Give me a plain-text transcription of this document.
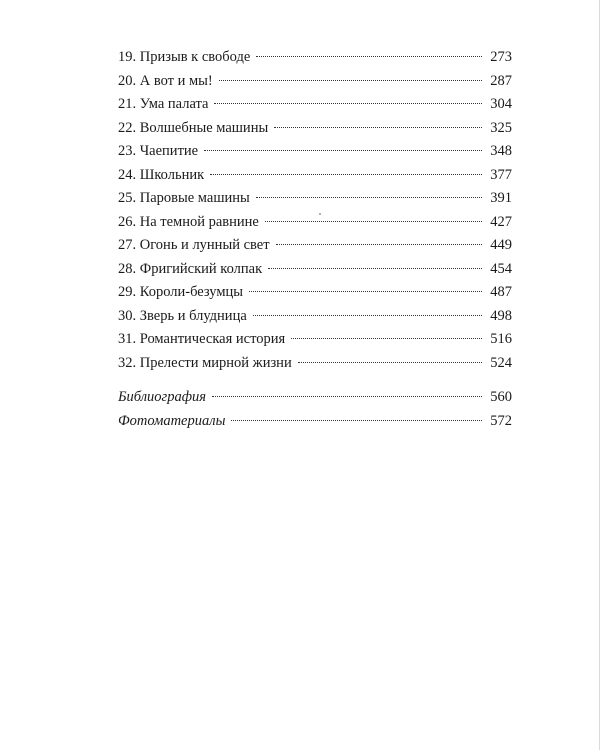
19. Призыв к свободе	273
20. А вот и мы!	287
21. Ума палата	304
22. Волшебные машины	325
23. Чаепитие	348
24. Школьник	377
25. Паровые машины	391
26. На темной равнине	427
27. Огонь и лунный свет	449
28. Фригийский колпак	454
29. Короли-безумцы	487
30. Зверь и блудница	498
31. Романтическая история	516
32. Прелести мирной жизни	524
Библиография	560
Фотоматериалы	572
